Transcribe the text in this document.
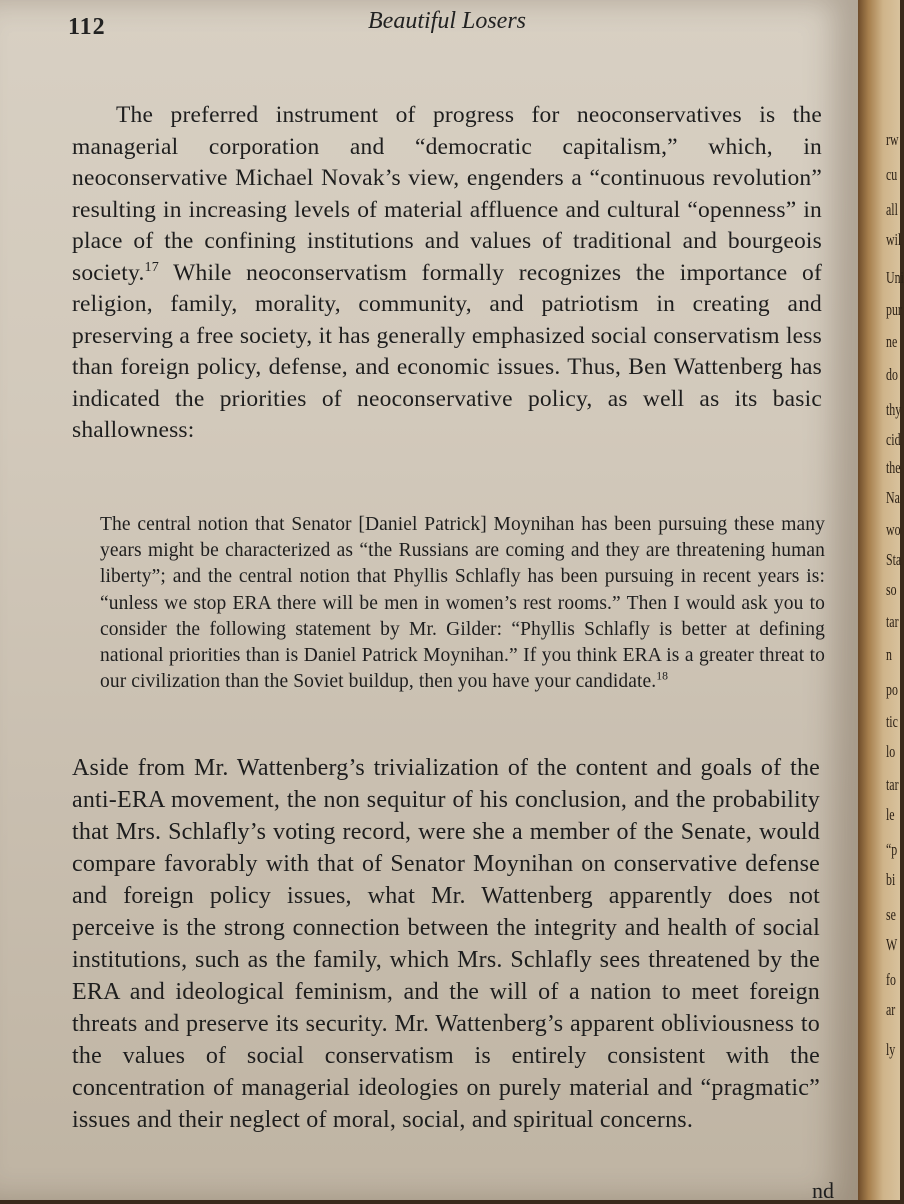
112	Beautiful Losers

The preferred instrument of progress for neoconservatives is the managerial corporation and “democratic capitalism,” which, in neoconservative Michael Novak’s view, engenders a “continuous revolution” resulting in increasing levels of material affluence and cultural “openness” in place of the confining institutions and values of traditional and bourgeois society.$^{17}$ While neoconservatism formally recognizes the importance of religion, family, morality, community, and patriotism in creating and preserving a free society, it has generally emphasized social conservatism less than foreign policy, defense, and economic issues. Thus, Ben Wattenberg has indicated the priorities of neoconservative policy, as well as its basic shallowness:

The central notion that Senator [Daniel Patrick] Moynihan has been pursuing these many years might be characterized as “the Russians are coming and they are threatening human liberty”; and the central notion that Phyllis Schlafly has been pursuing in recent years is: “unless we stop ERA there will be men in women’s rest rooms.” Then I would ask you to consider the following statement by Mr. Gilder: “Phyllis Schlafly is better at defining national priorities than is Daniel Patrick Moynihan.” If you think ERA is a greater threat to our civilization than the Soviet buildup, then you have your candidate.$^{18}$

Aside from Mr. Wattenberg’s trivialization of the content and goals of the anti-ERA movement, the non sequitur of his conclusion, and the probability that Mrs. Schlafly’s voting record, were she a member of the Senate, would compare favorably with that of Senator Moynihan on conservative defense and foreign policy issues, what Mr. Wattenberg apparently does not perceive is the strong connection between the integrity and health of social institutions, such as the family, which Mrs. Schlafly sees threatened by the ERA and ideological feminism, and the will of a nation to meet foreign threats and preserve its security. Mr. Wattenberg’s apparent obliviousness to the values of social conservatism is entirely consistent with the concentration of managerial ideologies on purely material and “pragmatic” issues and their neglect of moral, social, and spiritual concerns.

nd
rw
cu
all
wil
Uni
pur
ne
do
thy
cid
the
Na
wo
Sta
so
tar
n
po
tic
lo
tar
le
“p
bi
se
W
fo
ar
ly
